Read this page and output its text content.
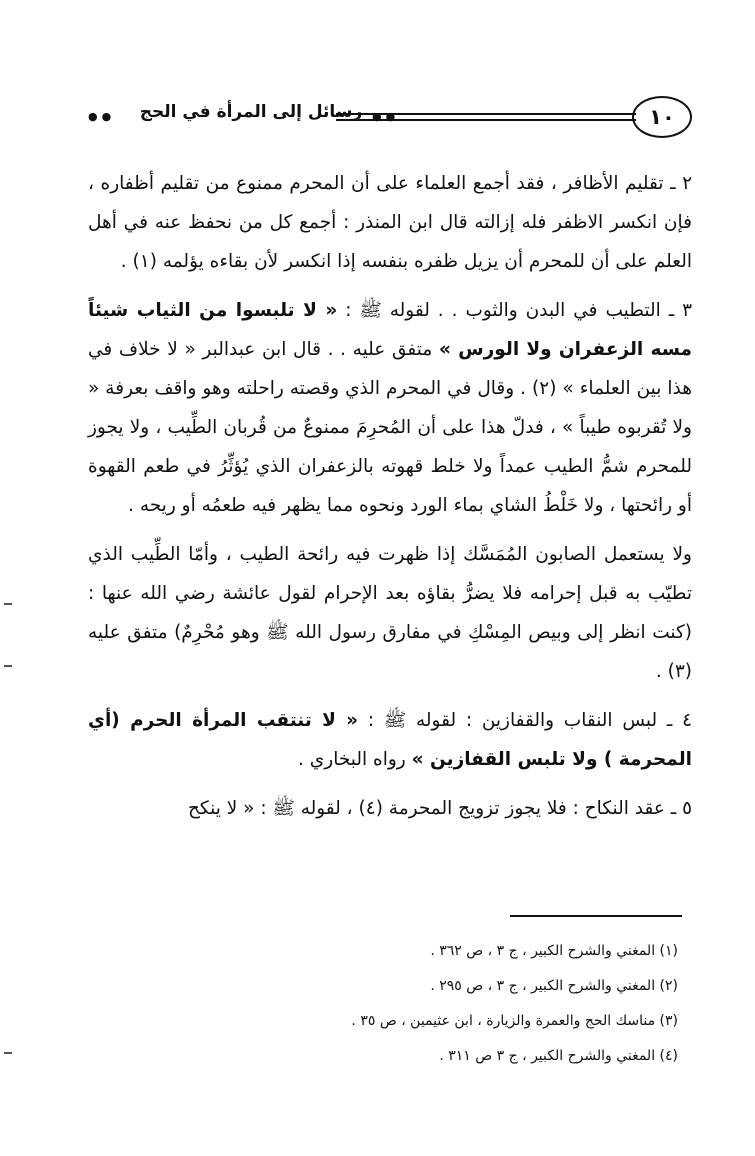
١٠
●●
رسائل إلى المرأة في الحج
●●

٢ ـ تقليم الأظافر ، فقد أجمع العلماء على أن المحرم ممنوع من تقليم أظفاره ، فإن انكسر الاظفر فله إزالته قال ابن المنذر : أجمع كل من نحفظ عنه في أهل العلم على أن للمحرم أن يزيل ظفره بنفسه إذا انكسر لأن بقاءه يؤلمه (١) .

٣ ـ التطيب في البدن والثوب . . لقوله ﷺ : « لا تلبسوا من الثياب شيئاً مسه الزعفران ولا الورس » متفق عليه . . قال ابن عبدالبر « لا خلاف في هذا بين العلماء » (٢) . وقال في المحرم الذي وقصته راحلته وهو واقف بعرفة « ولا تُقربوه طيباً » ، فدلّ هذا على أن المُحرِمَ ممنوعٌ من قُربان الطِّيب ، ولا يجوز للمحرم شمُّ الطيب عمداً ولا خلط قهوته بالزعفران الذي يُؤثِّرُ في طعم القهوة أو رائحتها ، ولا خَلْطُ الشاي بماء الورد ونحوه مما يظهر فيه طعمُه أو ريحه .

ولا يستعمل الصابون المُمَسَّك إذا ظهرت فيه رائحة الطيب ، وأمّا الطِّيب الذي تطيّب به قبل إحرامه فلا يضرُّ بقاؤه بعد الإحرام لقول عائشة رضي الله عنها : (كنت انظر إلى وبيص المِسْكِ في مفارق رسول الله ﷺ وهو مُحْرِمٌ) متفق عليه (٣) .

٤ ـ لبس النقاب والقفازين : لقوله ﷺ : « لا تنتقب المرأة الحرم (أي المحرمة ) ولا تلبس القفازين » رواه البخاري .

٥ ـ عقد النكاح : فلا يجوز تزويج المحرمة (٤) ، لقوله ﷺ : « لا ينكح

(١) المغني والشرح الكبير ، ج ٣ ، ص ٣٦٢ .
(٢) المغني والشرح الكبير ، ج ٣ ، ص ٢٩٥ .
(٣) مناسك الحج والعمرة والزيارة ، ابن عثيمين ، ص ٣٥ .
(٤) المغني والشرح الكبير ، ج ٣ ص ٣١١ .
